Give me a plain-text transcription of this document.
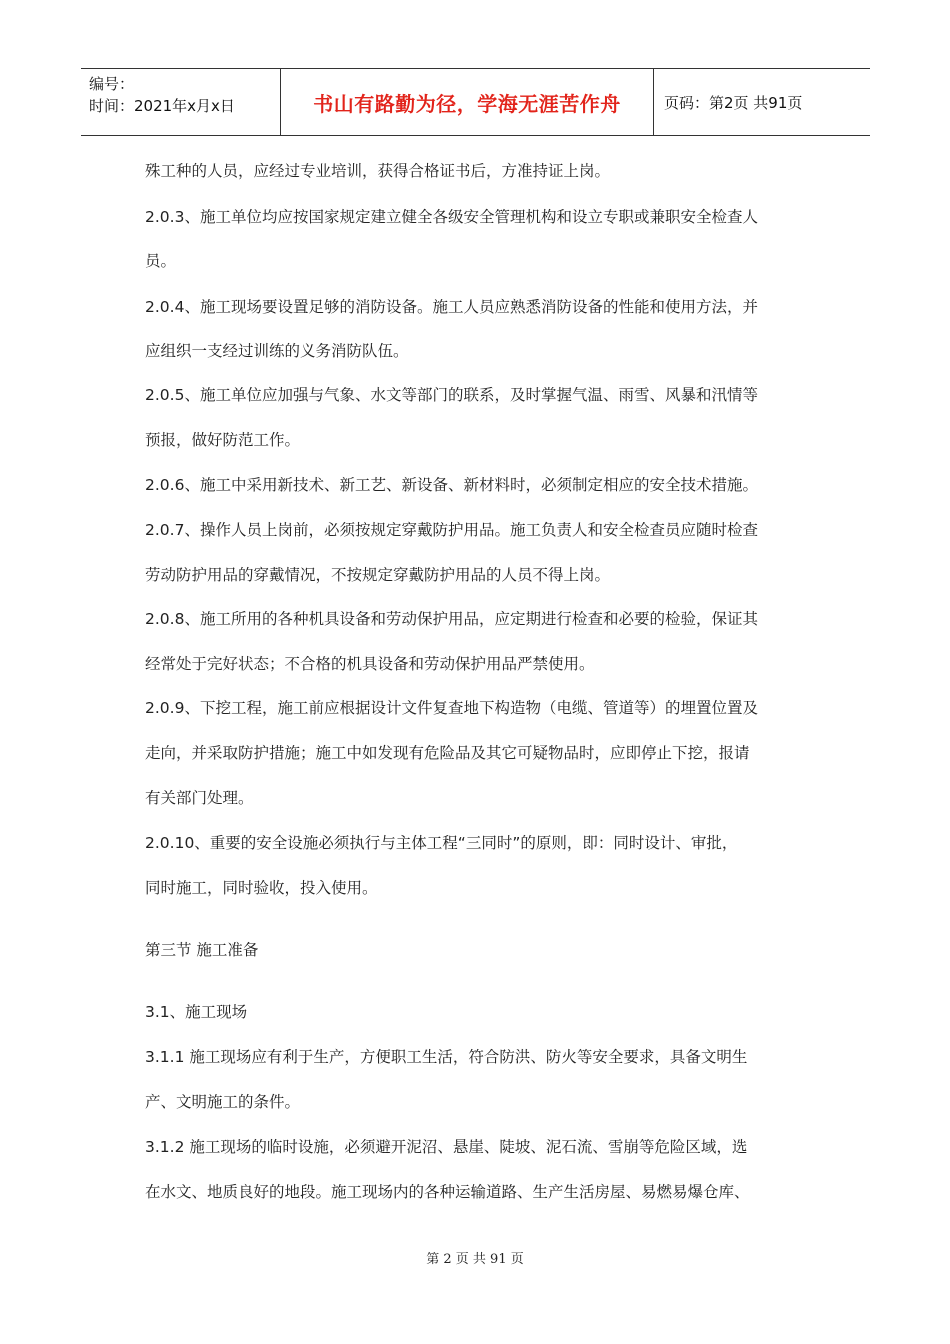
编号：
时间：2021年x月x日	书山有路勤为径，学海无涯苦作舟	页码：第2页 共91页
殊工种的人员，应经过专业培训，获得合格证书后，方准持证上岗。
2.0.3、施工单位均应按国家规定建立健全各级安全管理机构和设立专职或兼职安全检查人
员。
2.0.4、施工现场要设置足够的消防设备。施工人员应熟悉消防设备的性能和使用方法，并
应组织一支经过训练的义务消防队伍。
2.0.5、施工单位应加强与气象、水文等部门的联系，及时掌握气温、雨雪、风暴和汛情等
预报，做好防范工作。
2.0.6、施工中采用新技术、新工艺、新设备、新材料时，必须制定相应的安全技术措施。
2.0.7、操作人员上岗前，必须按规定穿戴防护用品。施工负责人和安全检查员应随时检查
劳动防护用品的穿戴情况，不按规定穿戴防护用品的人员不得上岗。
2.0.8、施工所用的各种机具设备和劳动保护用品，应定期进行检查和必要的检验，保证其
经常处于完好状态；不合格的机具设备和劳动保护用品严禁使用。
2.0.9、下挖工程，施工前应根据设计文件复查地下构造物（电缆、管道等）的埋置位置及
走向，并采取防护措施；施工中如发现有危险品及其它可疑物品时，应即停止下挖，报请
有关部门处理。
2.0.10、重要的安全设施必须执行与主体工程“三同时”的原则，即：同时设计、审批，
同时施工，同时验收，投入使用。
第三节 施工准备
3.1、施工现场
3.1.1 施工现场应有利于生产，方便职工生活，符合防洪、防火等安全要求，具备文明生
产、文明施工的条件。
3.1.2 施工现场的临时设施，必须避开泥沼、悬崖、陡坡、泥石流、雪崩等危险区域，选
在水文、地质良好的地段。施工现场内的各种运输道路、生产生活房屋、易燃易爆仓库、
第 2 页 共 91 页
